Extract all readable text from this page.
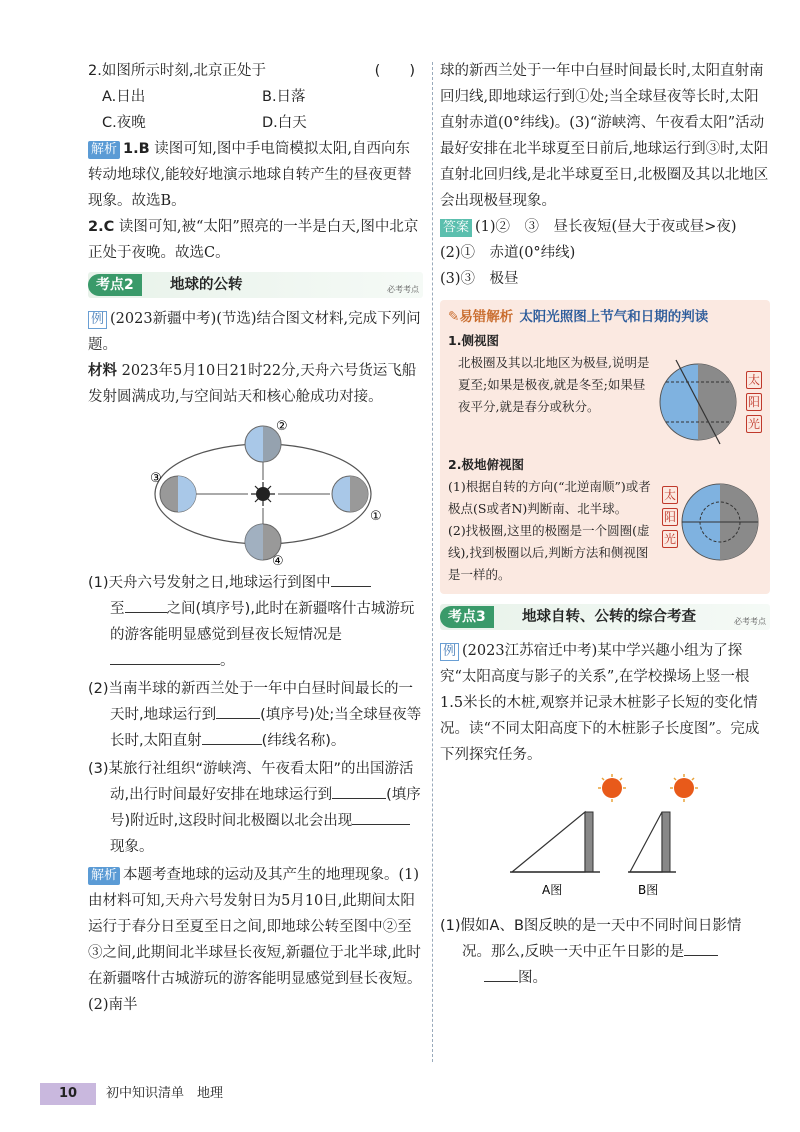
2.如图所示时刻,北京正处于	(　　)

A.日出	B.日落
C.夜晚	D.白天

解析 1.B 读图可知,图中手电筒模拟太阳,自西向东转动地球仪,能较好地演示地球自转产生的昼夜更替现象。故选B。

2.C 读图可知,被“太阳”照亮的一半是白天,图中北京正处于夜晚。故选C。

考点2	地球的公转	必考考点

例 (2023新疆中考)(节选)结合图文材料,完成下列问题。

材料 2023年5月10日21时22分,天舟六号货运飞船发射圆满成功,与空间站天和核心舱成功对接。

②
③
①
④

(1)天舟六号发射之日,地球运行到图中
至	之间(填序号),此时在新疆喀什古城游玩的游客能明显感觉到昼夜长短情况是。

(2)当南半球的新西兰处于一年中白昼时间最长的一天时,地球运行到	(填序号)处;当全球昼夜等长时,太阳直射	(纬线名称)。

(3)某旅行社组织“游峡湾、午夜看太阳”的出国游活动,出行时间最好安排在地球运行到	(填序号)附近时,这段时间北极圈以北会出现现象。

解析 本题考查地球的运动及其产生的地理现象。(1)由材料可知,天舟六号发射日为5月10日,此期间太阳运行于春分日至夏至日之间,即地球公转至图中②至③之间,此期间北半球昼长夜短,新疆位于北半球,此时在新疆喀什古城游玩的游客能明显感觉到昼长夜短。(2)南半

球的新西兰处于一年中白昼时间最长时,太阳直射南回归线,即地球运行到①处;当全球昼夜等长时,太阳直射赤道(0°纬线)。(3)“游峡湾、午夜看太阳”活动最好安排在北半球夏至日前后,地球运行到③时,太阳直射北回归线,是北半球夏至日,北极圈及其以北地区会出现极昼现象。

答案 (1)②　③　昼长夜短(昼大于夜或昼>夜)

(2)①　赤道(0°纬线)

(3)③　极昼

✎易错解析 太阳光照图上节气和日期的判读
1.侧视图
北极圈及其以北地区为极昼,说明是夏至;如果是极夜,就是冬至;如果昼夜平分,就是春分或秋分。
太
阳
光
2.极地俯视图

(1)根据自转的方向(“北逆南顺”)或者极点(S或者N)判断南、北半球。

(2)找极圈,这里的极圈是一个圆圈(虚线),找到极圈以后,判断方法和侧视图是一样的。

太
阳
光
考点3	地球自转、公转的综合考查	必考考点

例 (2023江苏宿迁中考)某中学兴趣小组为了探究“太阳高度与影子的关系”,在学校操场上竖一根1.5米长的木桩,观察并记录木桩影子长短的变化情况。读“不同太阳高度下的木桩影子长度图”。完成下列探究任务。

A图	B图

(1)假如A、B图反映的是一天中不同时间日影情况。那么,反映一天中正午日影的是
图。

10	初中知识清单　地理
